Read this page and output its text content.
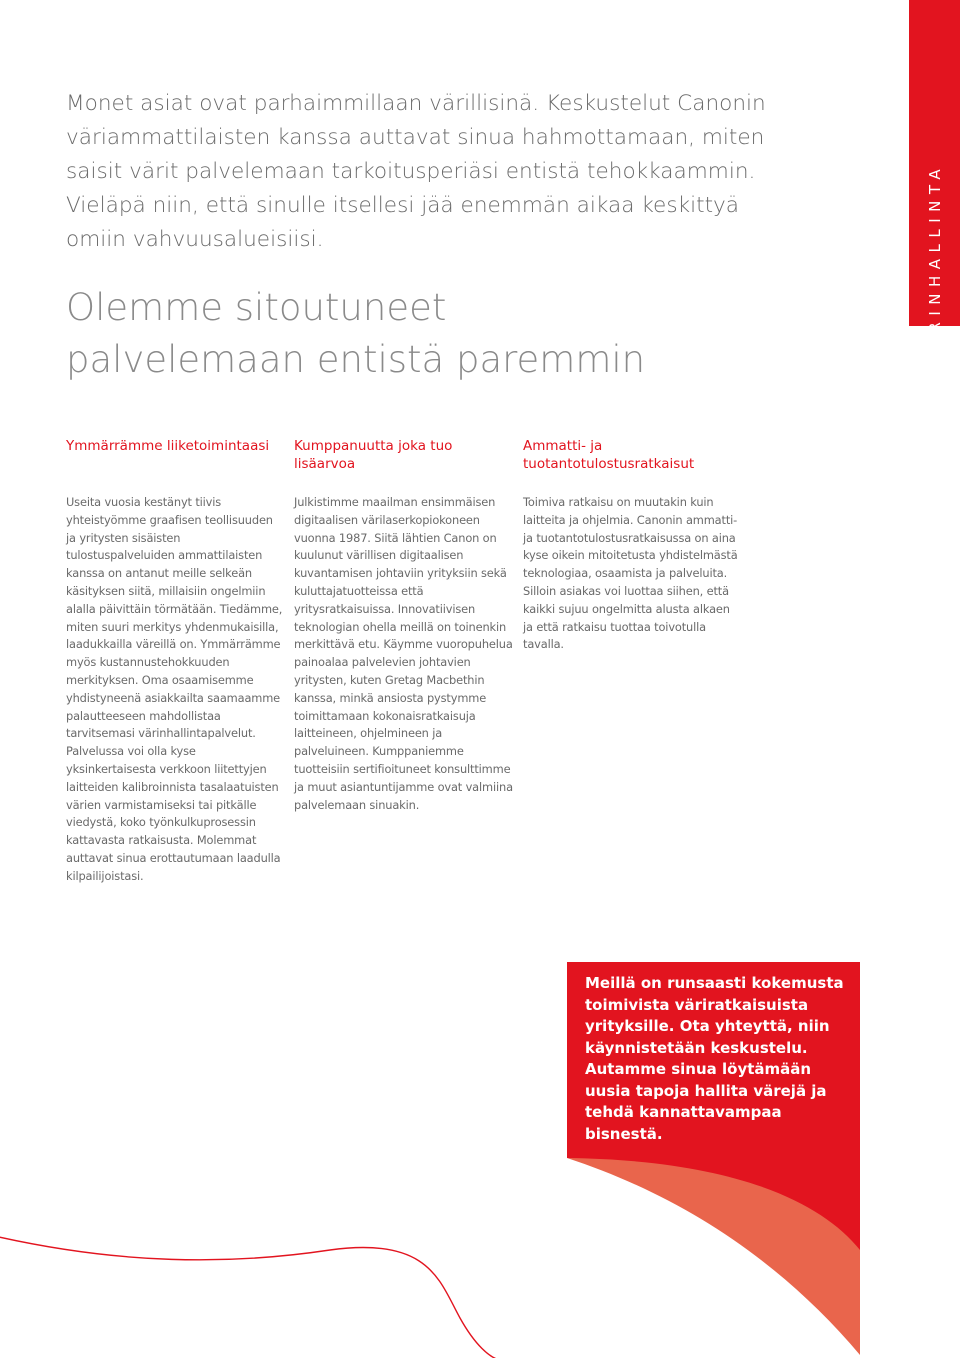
VÄRINHALLINTA

Monet asiat ovat parhaimmillaan värillisinä. Keskustelut Canonin väriammattilaisten kanssa auttavat sinua hahmottamaan, miten saisit värit palvelemaan tarkoitusperiäsi entistä tehokkaammin. Vieläpä niin, että sinulle itsellesi jää enemmän aikaa keskittyä omiin vahvuusalueisiisi.

Olemme sitoutuneet
palvelemaan entistä paremmin
Ymmärrämme liiketoimintaasi

Useita vuosia kestänyt tiivis yhteistyömme graafisen teollisuuden ja yritysten sisäisten tulostuspalveluiden ammattilaisten kanssa on antanut meille selkeän käsityksen siitä, millaisiin ongelmiin alalla päivittäin törmätään. Tiedämme, miten suuri merkitys yhdenmukaisilla, laadukkailla väreillä on. Ymmärrämme myös kustannustehokkuuden merkityksen. Oma osaamisemme yhdistyneenä asiakkailta saamaamme palautteeseen mahdollistaa tarvitsemasi värinhallintapalvelut. Palvelussa voi olla kyse yksinkertaisesta verkkoon liitettyjen laitteiden kalibroinnista tasalaatuisten värien varmistamiseksi tai pitkälle viedystä, koko työnkulkuprosessin kattavasta ratkaisusta. Molemmat auttavat sinua erottautumaan laadulla kilpailijoistasi.

Kumppanuutta joka tuo lisäarvoa

Julkistimme maailman ensimmäisen digitaalisen värilaserkopiokoneen vuonna 1987. Siitä lähtien Canon on kuulunut värillisen digitaalisen kuvantamisen johtaviin yrityksiin sekä kuluttajatuotteissa että yritysratkaisuissa. Innovatiivisen teknologian ohella meillä on toinenkin merkittävä etu. Käymme vuoropuhelua painoalaa palvelevien johtavien yritysten, kuten Gretag Macbethin kanssa, minkä ansiosta pystymme toimittamaan kokonaisratkaisuja laitteineen, ohjelmineen ja palveluineen. Kumppaniemme tuotteisiin sertifioituneet konsulttimme ja muut asiantuntijamme ovat valmiina palvelemaan sinuakin.

Ammatti- ja tuotantotulostusratkaisut

Toimiva ratkaisu on muutakin kuin laitteita ja ohjelmia. Canonin ammatti- ja tuotantotulostusratkaisussa on aina kyse oikein mitoitetusta yhdistelmästä teknologiaa, osaamista ja palveluita. Silloin asiakas voi luottaa siihen, että kaikki sujuu ongelmitta alusta alkaen ja että ratkaisu tuottaa toivotulla tavalla.

Meillä on runsaasti kokemusta toimivista väriratkaisuista yrityksille. Ota yhteyttä, niin käynnistetään keskustelu. Autamme sinua löytämään uusia tapoja hallita värejä ja tehdä kannattavampaa bisnestä.
